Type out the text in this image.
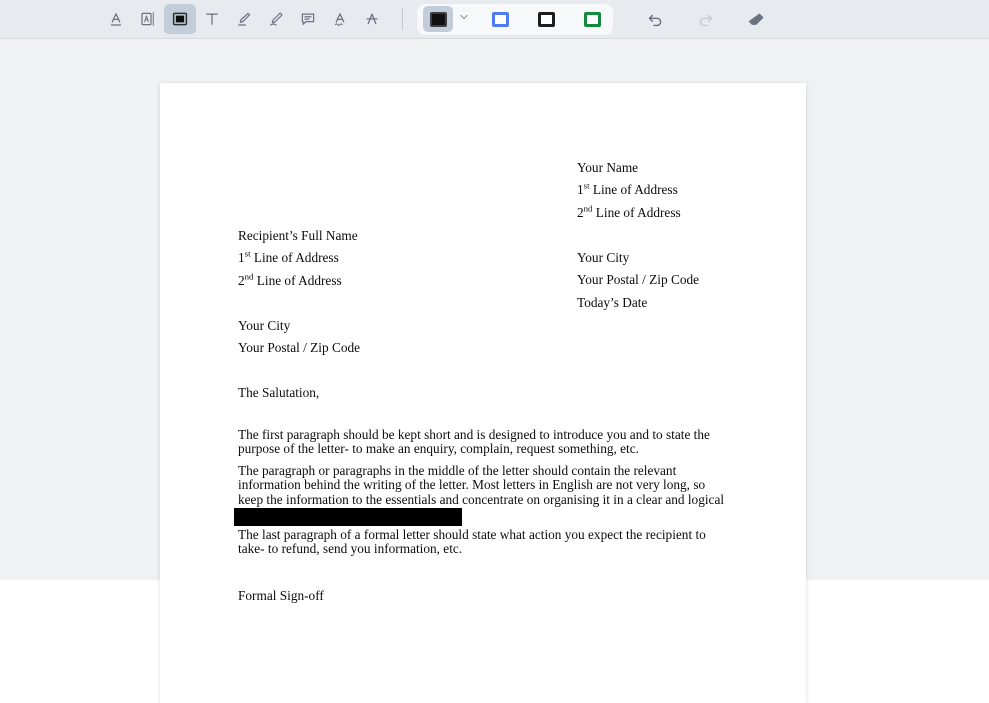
Your Name
1st Line of Address
2nd Line of Address
Your City
Your Postal / Zip Code
Recipient’s Full Name
1st Line of Address
2nd Line of Address
Your City
Your Postal / Zip Code
Today’s Date
The Salutation,
The first paragraph should be kept short and is designed to introduce you and to state the purpose of the letter- to make an enquiry, complain, request something, etc.
The paragraph or paragraphs in the middle of the letter should contain the relevant information behind the writing of the letter. Most letters in English are not very long, so keep the information to the essentials and concentrate on organising it in a clear and logical
The last paragraph of a formal letter should state what action you expect the recipient to take- to refund, send you information, etc.
Formal Sign-off
